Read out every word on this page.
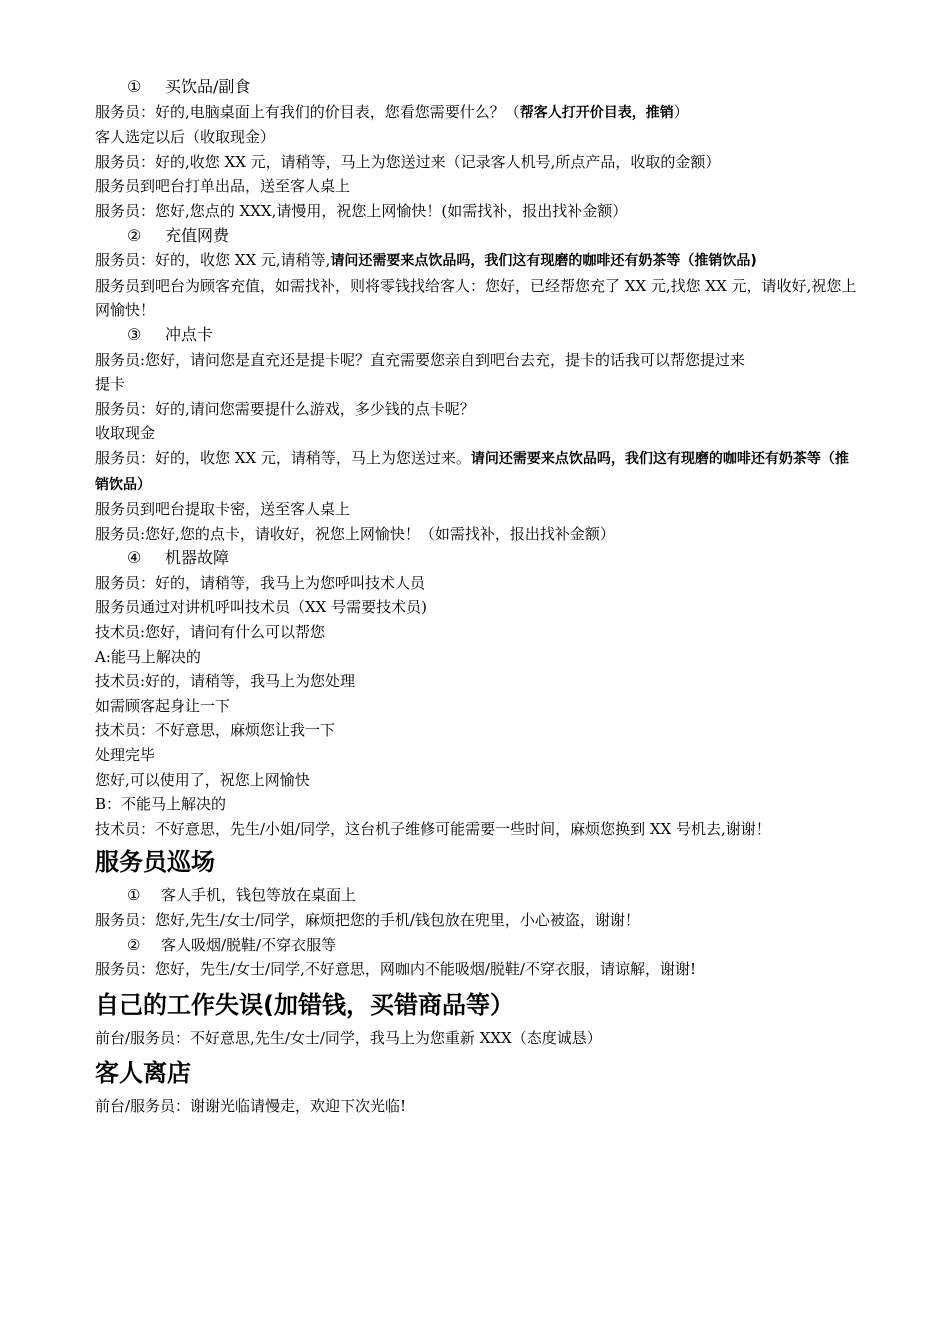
① 买饮品/副食
服务员：好的,电脑桌面上有我们的价目表，您看您需要什么？（帮客人打开价目表，推销）
客人选定以后（收取现金）
服务员：好的,收您 XX 元，请稍等，马上为您送过来（记录客人机号,所点产品，收取的金额）
服务员到吧台打单出品，送至客人桌上
服务员：您好,您点的 XXX,请慢用，祝您上网愉快！(如需找补，报出找补金额）
② 充值网费
服务员：好的，收您 XX 元,请稍等,请问还需要来点饮品吗，我们这有现磨的咖啡还有奶茶等（推销饮品)
服务员到吧台为顾客充值，如需找补，则将零钱找给客人：您好，已经帮您充了 XX 元,找您 XX 元，请收好,祝您上网愉快！
③ 冲点卡
服务员:您好，请问您是直充还是提卡呢？直充需要您亲自到吧台去充，提卡的话我可以帮您提过来
提卡
服务员：好的,请问您需要提什么游戏，多少钱的点卡呢？
收取现金
服务员：好的，收您 XX 元，请稍等，马上为您送过来。请问还需要来点饮品吗，我们这有现磨的咖啡还有奶茶等（推销饮品）
服务员到吧台提取卡密，送至客人桌上
服务员:您好,您的点卡，请收好，祝您上网愉快！（如需找补，报出找补金额）
④ 机器故障
服务员：好的，请稍等，我马上为您呼叫技术人员
服务员通过对讲机呼叫技术员（XX 号需要技术员)
技术员:您好，请问有什么可以帮您
A:能马上解决的
技术员:好的，请稍等，我马上为您处理
如需顾客起身让一下
技术员：不好意思，麻烦您让我一下
处理完毕
您好,可以使用了，祝您上网愉快
B：不能马上解决的
技术员：不好意思，先生/小姐/同学，这台机子维修可能需要一些时间，麻烦您换到 XX 号机去,谢谢！
服务员巡场
① 客人手机，钱包等放在桌面上
服务员：您好,先生/女士/同学，麻烦把您的手机/钱包放在兜里，小心被盗，谢谢！
② 客人吸烟/脱鞋/不穿衣服等
服务员：您好，先生/女士/同学,不好意思，网咖内不能吸烟/脱鞋/不穿衣服，请谅解，谢谢!
自己的工作失误(加错钱，买错商品等）
前台/服务员：不好意思,先生/女士/同学，我马上为您重新 XXX（态度诚恳）
客人离店
前台/服务员：谢谢光临请慢走，欢迎下次光临!
